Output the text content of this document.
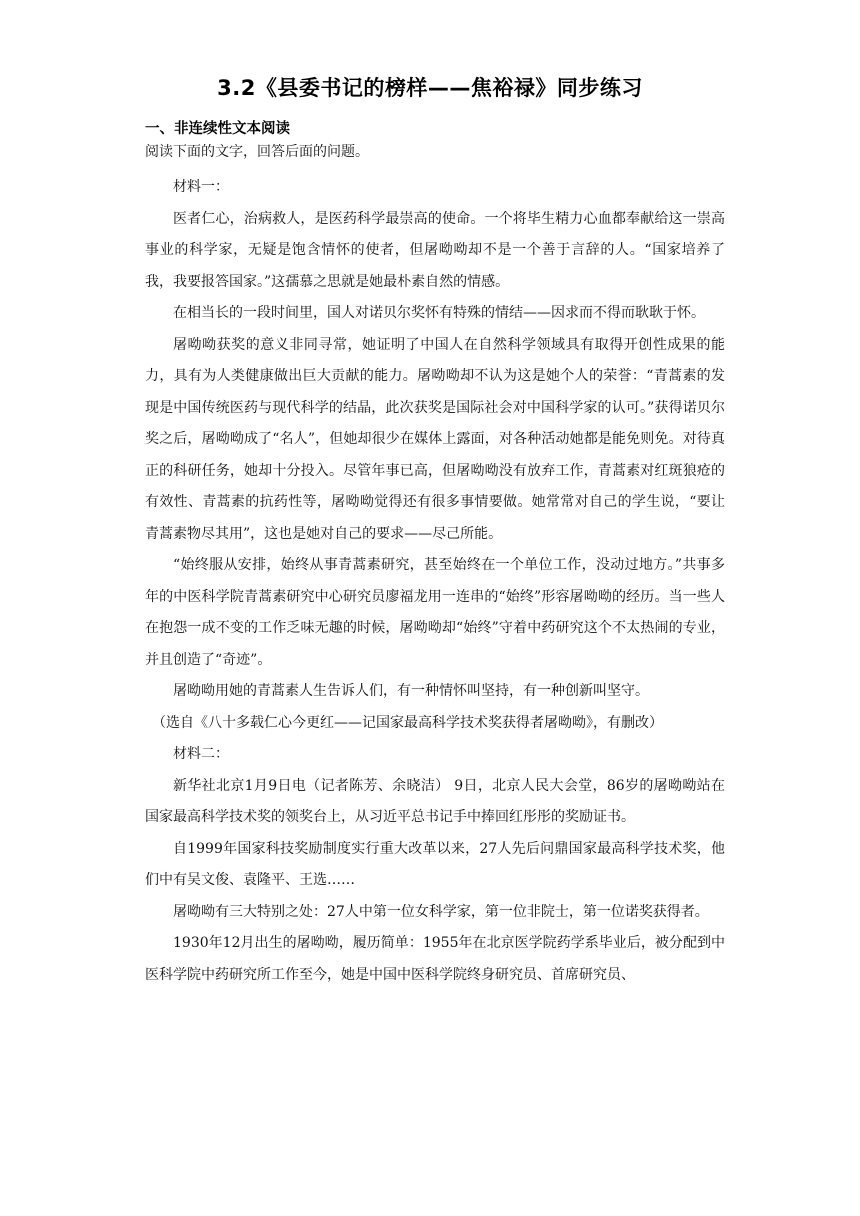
3.2《县委书记的榜样——焦裕禄》同步练习
一、非连续性文本阅读

阅读下面的文字，回答后面的问题。

材料一：

医者仁心，治病救人，是医药科学最崇高的使命。一个将毕生精力心血都奉献给这一崇高事业的科学家，无疑是饱含情怀的使者，但屠呦呦却不是一个善于言辞的人。“国家培养了我，我要报答国家。”这孺慕之思就是她最朴素自然的情感。

在相当长的一段时间里，国人对诺贝尔奖怀有特殊的情结——因求而不得而耿耿于怀。

屠呦呦获奖的意义非同寻常，她证明了中国人在自然科学领域具有取得开创性成果的能力，具有为人类健康做出巨大贡献的能力。屠呦呦却不认为这是她个人的荣誉：“青蒿素的发现是中国传统医药与现代科学的结晶，此次获奖是国际社会对中国科学家的认可。”获得诺贝尔奖之后，屠呦呦成了“名人”，但她却很少在媒体上露面，对各种活动她都是能免则免。对待真正的科研任务，她却十分投入。尽管年事已高，但屠呦呦没有放弃工作，青蒿素对红斑狼疮的有效性、青蒿素的抗药性等，屠呦呦觉得还有很多事情要做。她常常对自己的学生说，“要让青蒿素物尽其用”，这也是她对自己的要求——尽己所能。

“始终服从安排，始终从事青蒿素研究，甚至始终在一个单位工作，没动过地方。”共事多年的中医科学院青蒿素研究中心研究员廖福龙用一连串的“始终”形容屠呦呦的经历。当一些人在抱怨一成不变的工作乏味无趣的时候，屠呦呦却“始终”守着中药研究这个不太热闹的专业，并且创造了“奇迹”。

屠呦呦用她的青蒿素人生告诉人们，有一种情怀叫坚持，有一种创新叫坚守。

（选自《八十多载仁心今更红——记国家最高科学技术奖获得者屠呦呦》，有删改）

材料二：

新华社北京1月9日电（记者陈芳、余晓洁） 9日，北京人民大会堂，86岁的屠呦呦站在国家最高科学技术奖的领奖台上，从习近平总书记手中捧回红彤彤的奖励证书。

自1999年国家科技奖励制度实行重大改革以来，27人先后问鼎国家最高科学技术奖，他们中有吴文俊、袁隆平、王选……

屠呦呦有三大特别之处：27人中第一位女科学家，第一位非院士，第一位诺奖获得者。

1930年12月出生的屠呦呦，履历简单：1955年在北京医学院药学系毕业后，被分配到中医科学院中药研究所工作至今，她是中国中医科学院终身研究员、首席研究员、
